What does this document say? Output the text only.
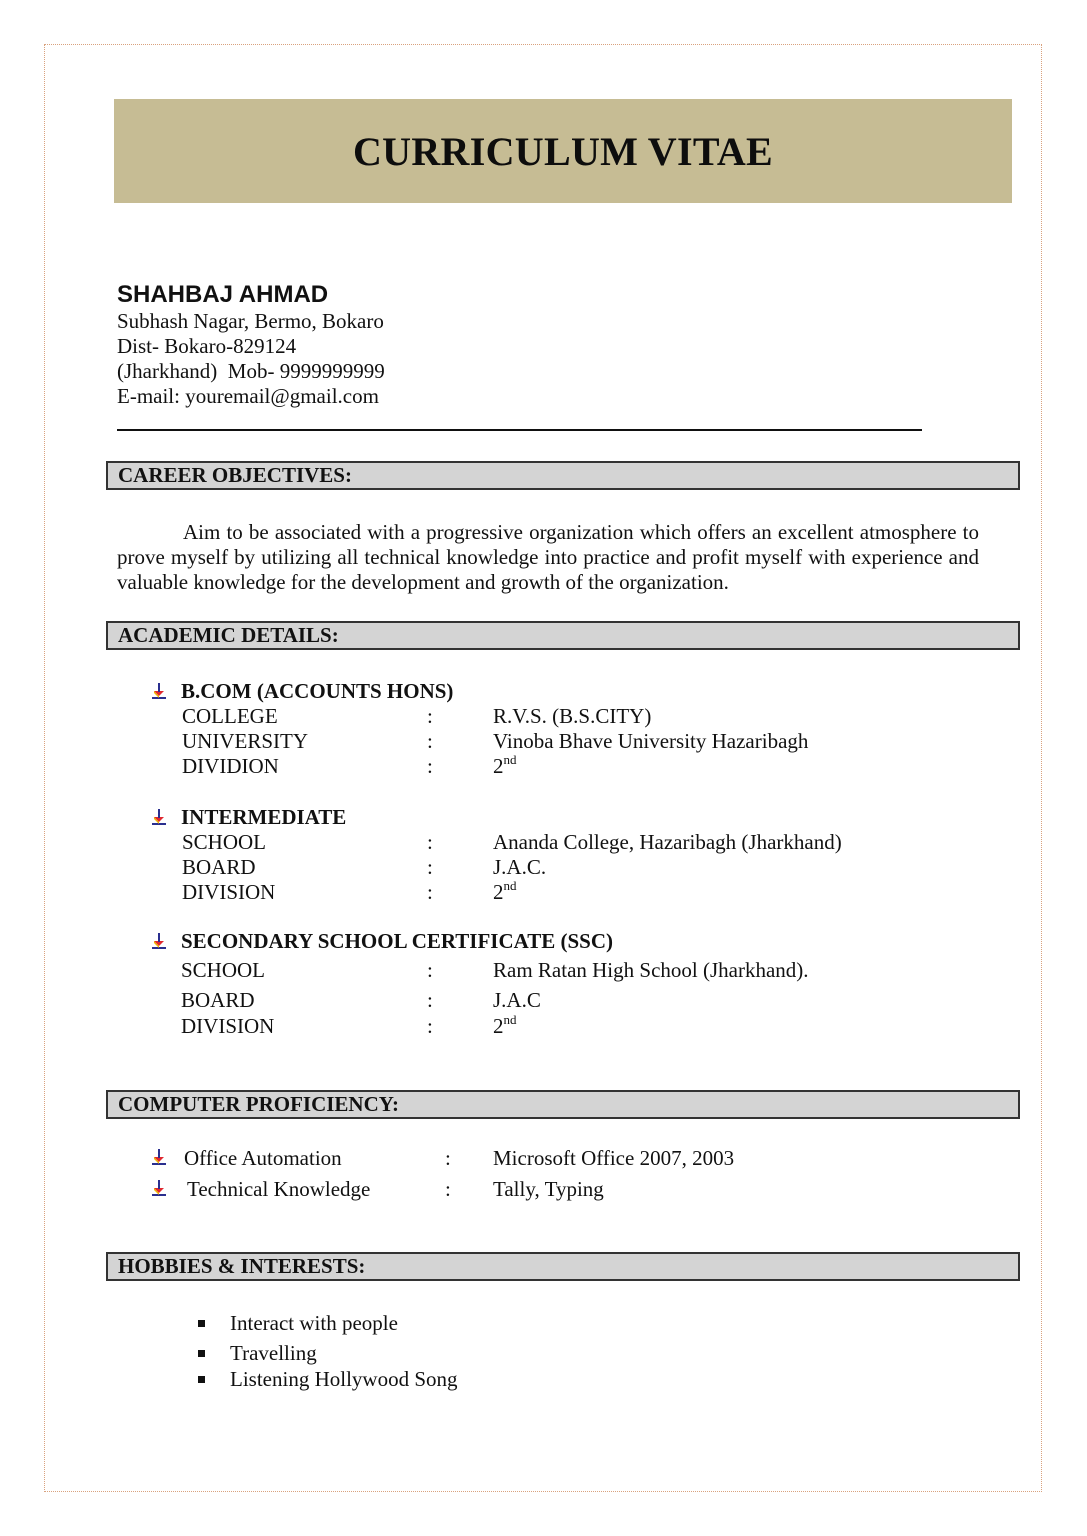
CURRICULUM VITAE
SHAHBAJ AHMAD
Subhash Nagar, Bermo, Bokaro
Dist- Bokaro-829124
(Jharkhand)  Mob- 9999999999
E-mail: youremail@gmail.com
CAREER OBJECTIVES:

Aim to be associated with a progressive organization which offers an excellent atmosphere to  prove myself by utilizing all technical knowledge into practice and profit myself with experience and  valuable knowledge for the development and growth of the organization.

ACADEMIC DETAILS:
B.COM (ACCOUNTS HONS)
COLLEGE	:	R.V.S. (B.S.CITY)
UNIVERSITY	:	Vinoba Bhave University Hazaribagh
DIVIDION	:	2nd
INTERMEDIATE
SCHOOL	:	Ananda College, Hazaribagh (Jharkhand)
BOARD	:	J.A.C.
DIVISION	:	2nd
SECONDARY SCHOOL CERTIFICATE (SSC)
SCHOOL	:	Ram Ratan High School (Jharkhand).
BOARD	:	J.A.C
DIVISION	:	2nd
COMPUTER PROFICIENCY:
Office Automation	: Microsoft Office 2007, 2003
Technical Knowledge	: Tally, Typing
HOBBIES & INTERESTS:
Interact with people
Travelling
Listening Hollywood Song
